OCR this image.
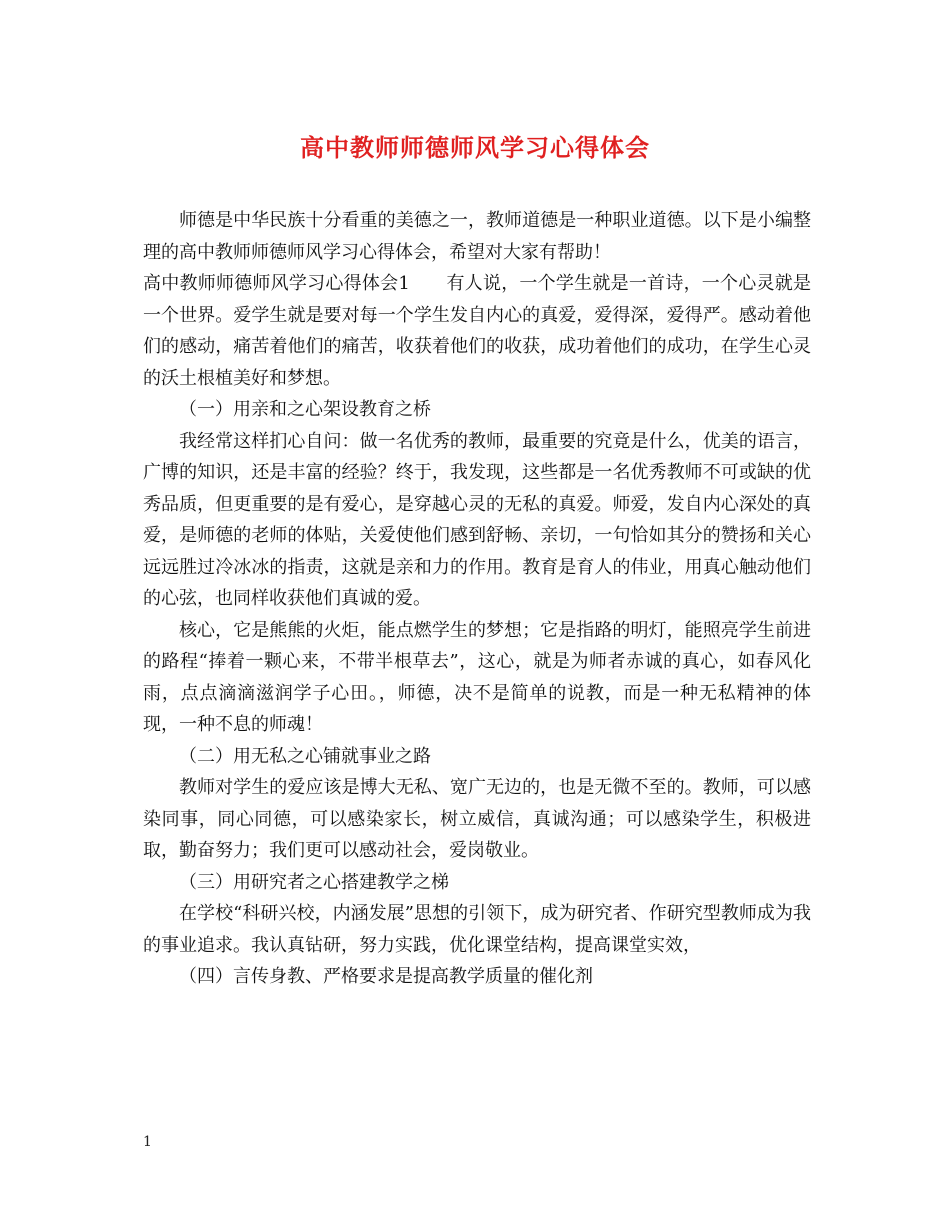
高中教师师德师风学习心得体会

师德是中华民族十分看重的美德之一，教师道德是一种职业道德。以下是小编整理的高中教师师德师风学习心得体会，希望对大家有帮助！

高中教师师德师风学习心得体会1　　有人说，一个学生就是一首诗，一个心灵就是一个世界。爱学生就是要对每一个学生发自内心的真爱，爱得深，爱得严。感动着他们的感动，痛苦着他们的痛苦，收获着他们的收获，成功着他们的成功，在学生心灵的沃土根植美好和梦想。

（一）用亲和之心架设教育之桥

我经常这样扪心自问：做一名优秀的教师，最重要的究竟是什么，优美的语言，广博的知识，还是丰富的经验？终于，我发现，这些都是一名优秀教师不可或缺的优秀品质，但更重要的是有爱心，是穿越心灵的无私的真爱。师爱，发自内心深处的真爱，是师德的老师的体贴，关爱使他们感到舒畅、亲切，一句恰如其分的赞扬和关心远远胜过冷冰冰的指责，这就是亲和力的作用。教育是育人的伟业，用真心触动他们的心弦，也同样收获他们真诚的爱。

核心，它是熊熊的火炬，能点燃学生的梦想；它是指路的明灯，能照亮学生前进的路程“捧着一颗心来，不带半根草去”，这心，就是为师者赤诚的真心，如春风化雨，点点滴滴滋润学子心田。，师德，决不是简单的说教，而是一种无私精神的体现，一种不息的师魂！

（二）用无私之心铺就事业之路

教师对学生的爱应该是博大无私、宽广无边的，也是无微不至的。教师，可以感染同事，同心同德，可以感染家长，树立威信，真诚沟通；可以感染学生，积极进取，勤奋努力；我们更可以感动社会，爱岗敬业。

（三）用研究者之心搭建教学之梯

在学校“科研兴校，内涵发展”思想的引领下，成为研究者、作研究型教师成为我的事业追求。我认真钻研，努力实践，优化课堂结构，提高课堂实效，

（四）言传身教、严格要求是提高教学质量的催化剂

1
